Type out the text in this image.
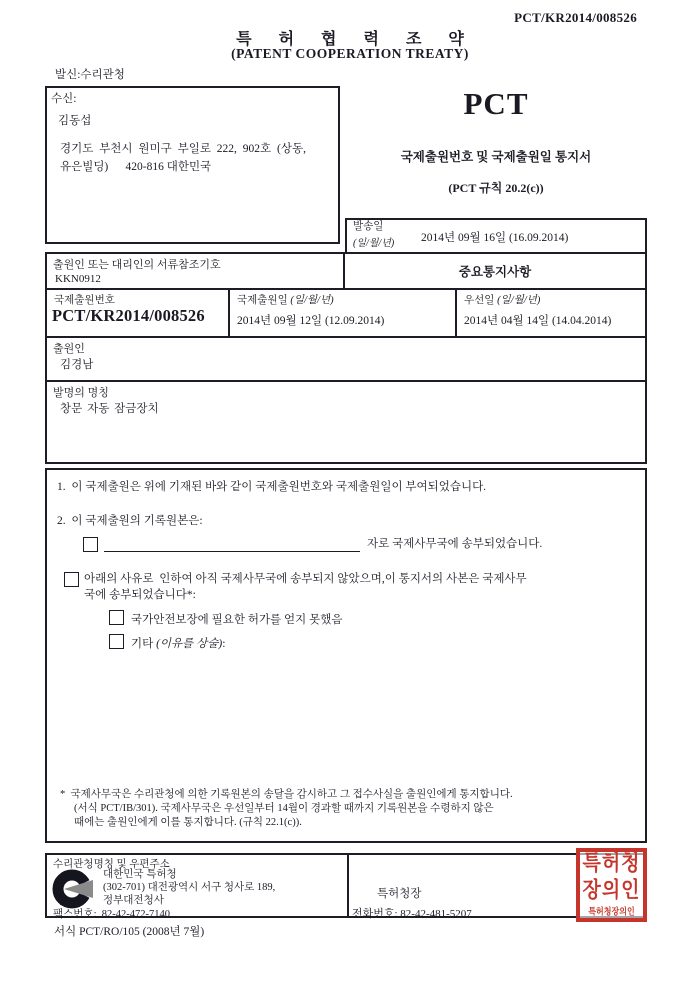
PCT/KR2014/008526
특허협력조약
(PATENT COOPERATION TREATY)
발신:수리관청
수신:
김동섭
경기도 부천시 원미구 부일로 222, 902호 (상동,
유은빌딩)      420-816 대한민국
PCT
국제출원번호 및 국제출원일 통지서
(PCT 규칙 20.2(c))
발송일
(일/월/년) 2014년 09월 16일 (16.09.2014)
중요통지사항
출원인 또는 대리인의 서류참조기호
KKN0912
국제출원번호
PCT/KR2014/008526
국제출원일 (일/월/년)
2014년 09월 12일 (12.09.2014)
우선일 (일/월/년)
2014년 04월 14일 (14.04.2014)
출원인
김경남
발명의 명칭
창문 자동 잠금장치
1.  이 국제출원은 위에 기재된 바와 같이 국제출원번호와 국제출원일이 부여되었습니다.
2.  이 국제출원의 기록원본은:
자로 국제사무국에 송부되었습니다.
아래의 사유로  인하여 아직 국제사무국에 송부되지 않았으며,이 통지서의 사본은 국제사무
국에 송부되었습니다*:
국가안전보장에 필요한 허가를 얻지 못했음
기타 (이유를 상술):
* 국제사무국은 수리관청에 의한 기록원본의 송달을 감시하고 그 접수사실을 출원인에게 통지합니다.
(서식 PCT/IB/301). 국제사무국은 우선일부터 14월이 경과할 때까지 기록원본을 수령하지 않은
때에는 출원인에게 이를 통지합니다. (규칙 22.1(c)).
수리관청명칭 및 우편주소
대한민국 특허청
(302-701) 대전광역시 서구 청사로 189,
정부대전청사
팩스번호:  82-42-472-7140
특허청장
전화번호: 82-42-481-5207
특허청
장의인
특허청장의인
서식 PCT/RO/105 (2008년 7월)
